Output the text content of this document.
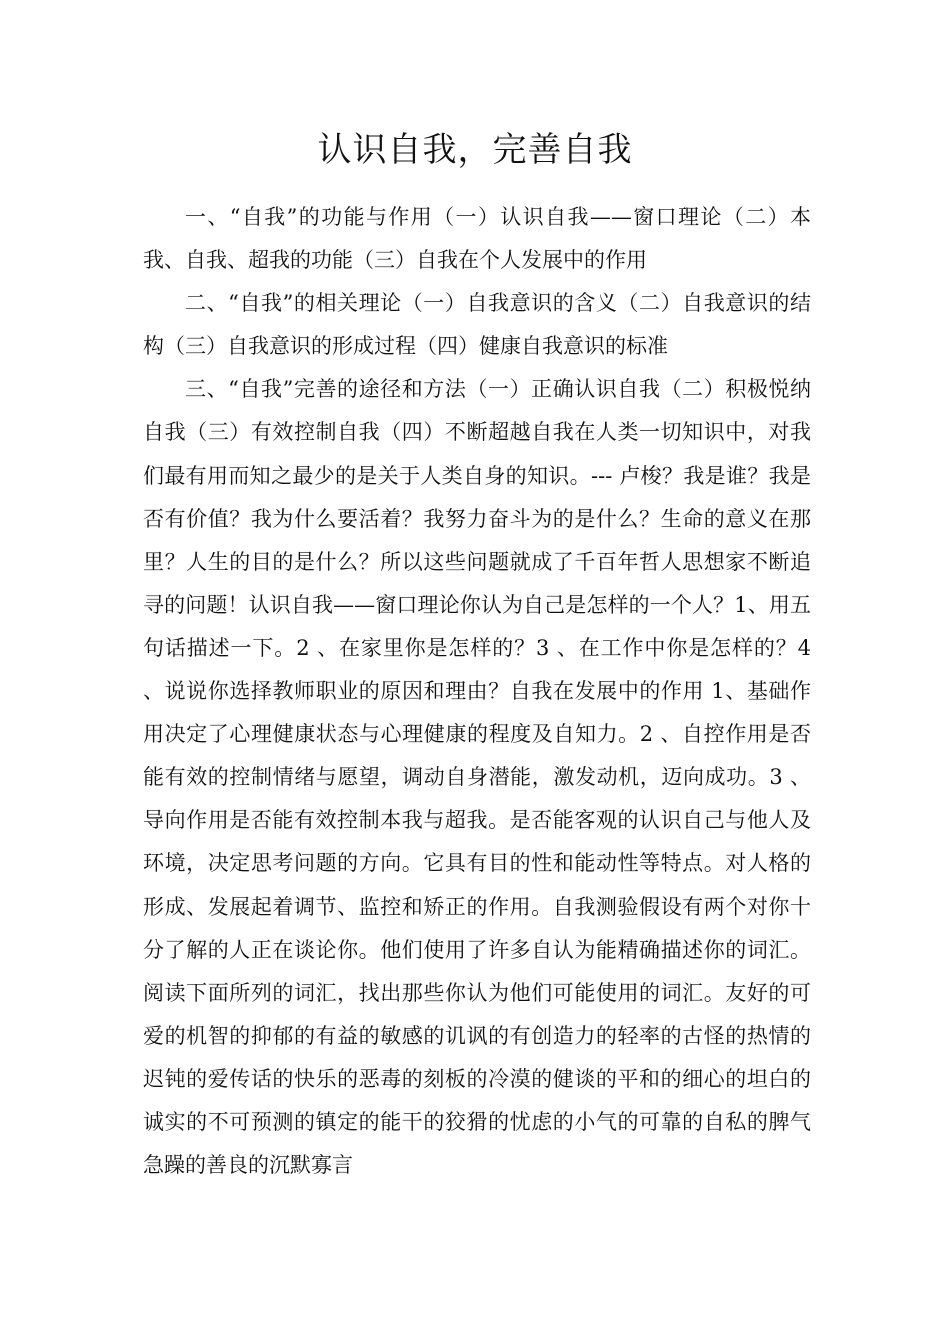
认识自我，完善自我

一、“自我”的功能与作用（一）认识自我——窗口理论（二）本我、自我、超我的功能（三）自我在个人发展中的作用

二、“自我”的相关理论（一）自我意识的含义（二）自我意识的结构（三）自我意识的形成过程（四）健康自我意识的标准

三、“自我”完善的途径和方法（一）正确认识自我（二）积极悦纳自我（三）有效控制自我（四）不断超越自我在人类一切知识中，对我们最有用而知之最少的是关于人类自身的知识。--- 卢梭？我是谁？我是否有价值？我为什么要活着？我努力奋斗为的是什么？生命的意义在那里？人生的目的是什么？所以这些问题就成了千百年哲人思想家不断追寻的问题！认识自我——窗口理论你认为自己是怎样的一个人？1、用五句话描述一下。2 、在家里你是怎样的？3 、在工作中你是怎样的？4 、说说你选择教师职业的原因和理由？自我在发展中的作用 1、基础作用决定了心理健康状态与心理健康的程度及自知力。2 、自控作用是否能有效的控制情绪与愿望，调动自身潜能，激发动机，迈向成功。3 、导向作用是否能有效控制本我与超我。是否能客观的认识自己与他人及环境，决定思考问题的方向。它具有目的性和能动性等特点。对人格的形成、发展起着调节、监控和矫正的作用。自我测验假设有两个对你十分了解的人正在谈论你。他们使用了许多自认为能精确描述你的词汇。阅读下面所列的词汇，找出那些你认为他们可能使用的词汇。友好的可爱的机智的抑郁的有益的敏感的讥讽的有创造力的轻率的古怪的热情的迟钝的爱传话的快乐的恶毒的刻板的冷漠的健谈的平和的细心的坦白的诚实的不可预测的镇定的能干的狡猾的忧虑的小气的可靠的自私的脾气急躁的善良的沉默寡言
